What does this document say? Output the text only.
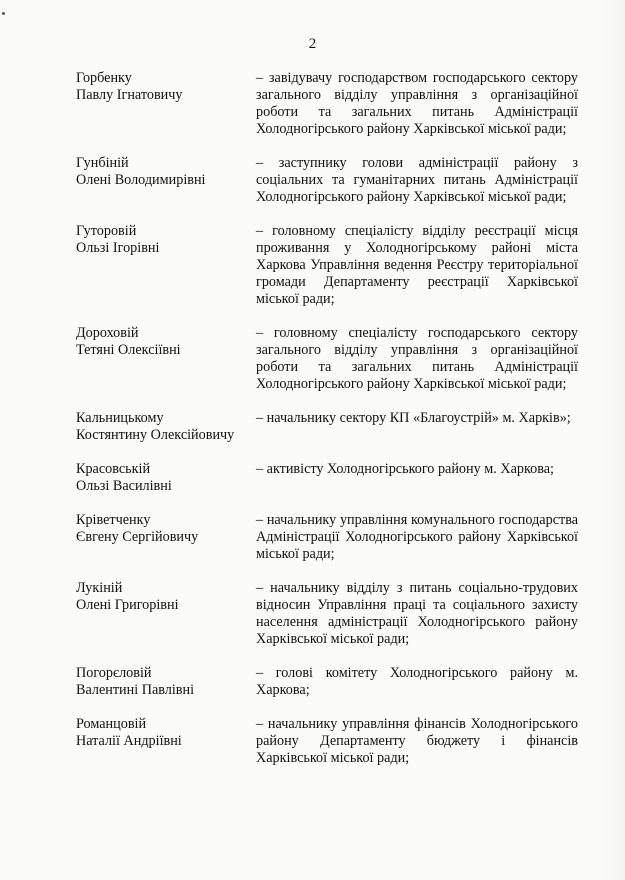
2
Горбенку
Павлу Ігнатовичу
– завідувачу господарством господарського сектору загального відділу управління з організаційної роботи та загальних питань Адміністрації Холодногірського району Харківської міської ради;
Гунбіній
Олені Володимирівні
– заступнику голови адміністрації району з соціальних та гуманітарних питань Адміністрації Холодногірського району Харківської міської ради;
Гуторовій
Ользі Ігорівні
– головному спеціалісту відділу реєстрації місця проживання у Холодногірському районі міста Харкова Управління ведення Реєстру територіальної громади Департаменту реєстрації Харківської міської ради;
Дороховій
Тетяні Олексіївні
– головному спеціалісту господарського сектору загального відділу управління з організаційної роботи та загальних питань Адміністрації Холодногірського району Харківської міської ради;
Кальницькому
Костянтину Олексійовичу
– начальнику сектору КП «Благоустрій» м. Харків»;
Красовській
Ользі Василівні
– активісту Холодногірського району м. Харкова;
Кріветченку
Євгену Сергійовичу
– начальнику управління комунального господарства Адміністрації Холодногірського району Харківської міської ради;
Лукіній
Олені Григорівні
– начальнику відділу з питань соціально-трудових відносин Управління праці та соціального захисту населення адміністрації Холодногірського району Харківської міської ради;
Погорєловій
Валентині Павлівні
– голові комітету Холодногірського району м. Харкова;
Романцовій
Наталії Андріївні
– начальнику управління фінансів Холодногірського району Департаменту бюджету і фінансів Харківської міської ради;
